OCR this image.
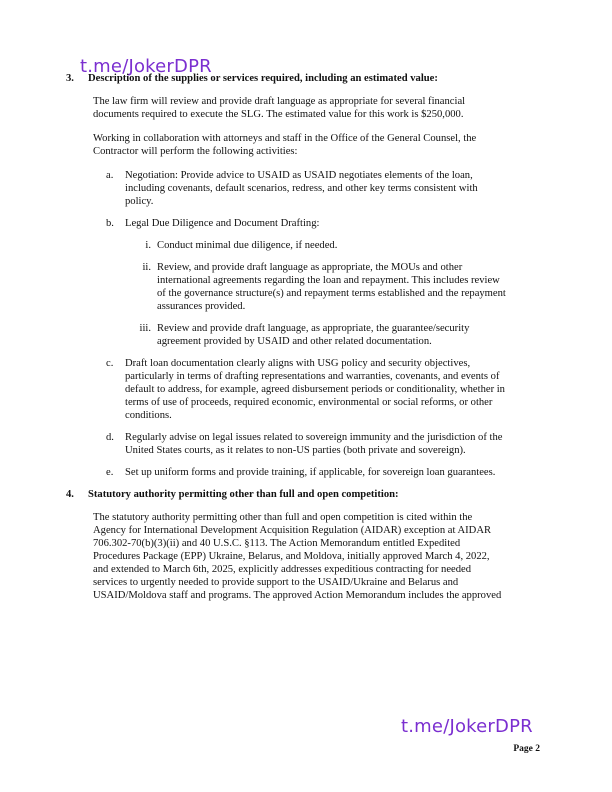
t.me/JokerDPR
3.	Description of the supplies or services required, including an estimated value:
The law firm will review and provide draft language as appropriate for several financial documents required to execute the SLG. The estimated value for this work is $250,000.
Working in collaboration with attorneys and staff in the Office of the General Counsel, the Contractor will perform the following activities:
a.	Negotiation: Provide advice to USAID as USAID negotiates elements of the loan, including covenants, default scenarios, redress, and other key terms consistent with policy.
b.	Legal Due Diligence and Document Drafting:
i. Conduct minimal due diligence, if needed.
ii. Review, and provide draft language as appropriate, the MOUs and other international agreements regarding the loan and repayment. This includes review of the governance structure(s) and repayment terms established and the repayment assurances provided.
iii. Review and provide draft language, as appropriate, the guarantee/security agreement provided by USAID and other related documentation.
c.	Draft loan documentation clearly aligns with USG policy and security objectives, particularly in terms of drafting representations and warranties, covenants, and events of default to address, for example, agreed disbursement periods or conditionality, whether in terms of use of proceeds, required economic, environmental or social reforms, or other conditions.
d.	Regularly advise on legal issues related to sovereign immunity and the jurisdiction of the United States courts, as it relates to non-US parties (both private and sovereign).
e.	Set up uniform forms and provide training, if applicable, for sovereign loan guarantees.
4.	Statutory authority permitting other than full and open competition:
The statutory authority permitting other than full and open competition is cited within the Agency for International Development Acquisition Regulation (AIDAR) exception at AIDAR 706.302-70(b)(3)(ii) and 40 U.S.C. §113. The Action Memorandum entitled Expedited Procedures Package (EPP) Ukraine, Belarus, and Moldova, initially approved March 4, 2022, and extended to March 6th, 2025, explicitly addresses expeditious contracting for needed services to urgently needed to provide support to the USAID/Ukraine and Belarus and USAID/Moldova staff and programs. The approved Action Memorandum includes the approved
t.me/JokerDPR
Page 2
